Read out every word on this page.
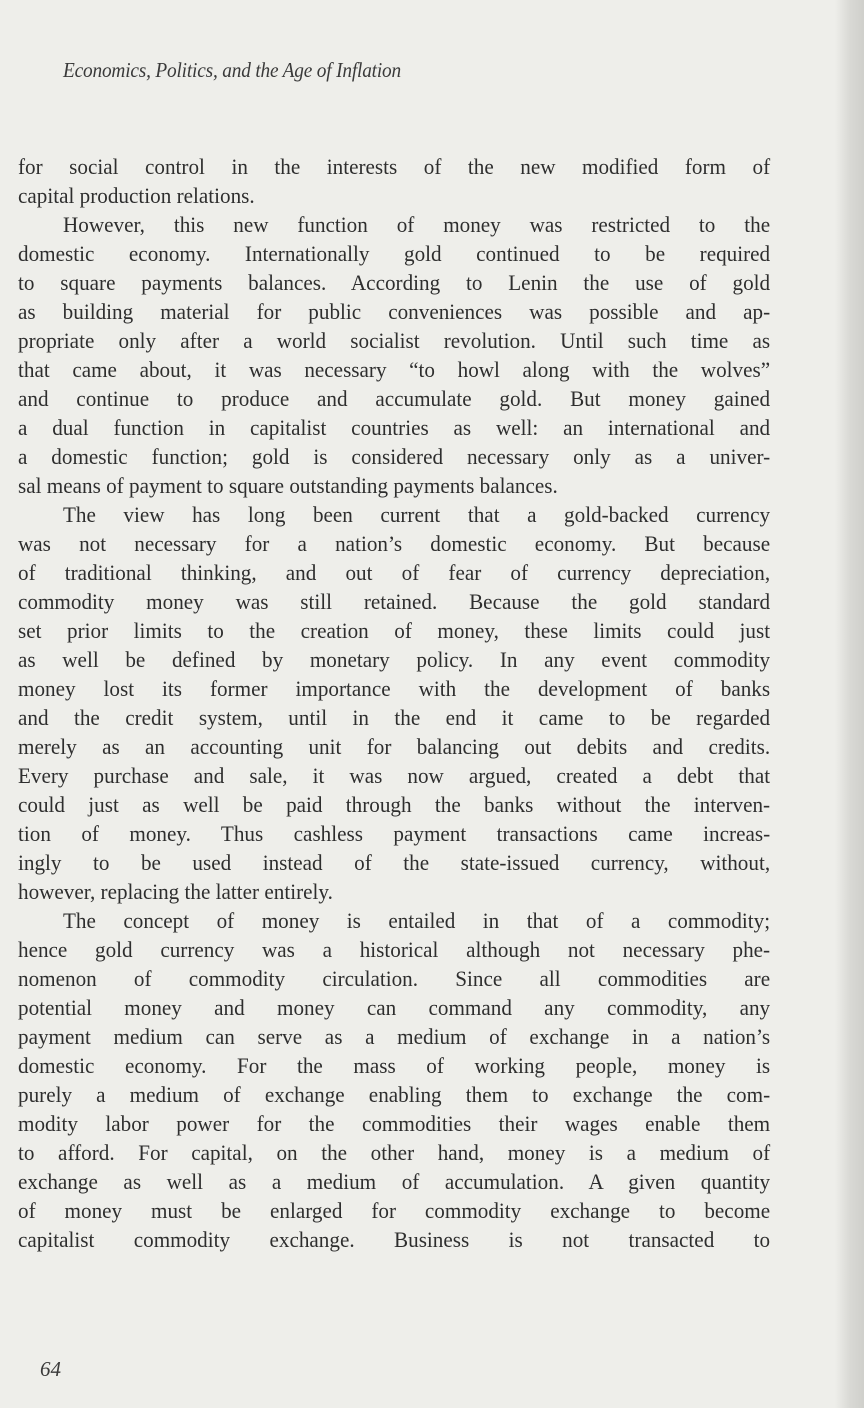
Economics, Politics, and the Age of Inflation
for social control in the interests of the new modified form of
capital production relations.
However, this new function of money was restricted to the
domestic economy. Internationally gold continued to be required
to square payments balances. According to Lenin the use of gold
as building material for public conveniences was possible and ap-
propriate only after a world socialist revolution. Until such time as
that came about, it was necessary “to howl along with the wolves”
and continue to produce and accumulate gold. But money gained
a dual function in capitalist countries as well: an international and
a domestic function; gold is considered necessary only as a univer-
sal means of payment to square outstanding payments balances.
The view has long been current that a gold-backed currency
was not necessary for a nation’s domestic economy. But because
of traditional thinking, and out of fear of currency depreciation,
commodity money was still retained. Because the gold standard
set prior limits to the creation of money, these limits could just
as well be defined by monetary policy. In any event commodity
money lost its former importance with the development of banks
and the credit system, until in the end it came to be regarded
merely as an accounting unit for balancing out debits and credits.
Every purchase and sale, it was now argued, created a debt that
could just as well be paid through the banks without the interven-
tion of money. Thus cashless payment transactions came increas-
ingly to be used instead of the state-issued currency, without,
however, replacing the latter entirely.
The concept of money is entailed in that of a commodity;
hence gold currency was a historical although not necessary phe-
nomenon of commodity circulation. Since all commodities are
potential money and money can command any commodity, any
payment medium can serve as a medium of exchange in a nation’s
domestic economy. For the mass of working people, money is
purely a medium of exchange enabling them to exchange the com-
modity labor power for the commodities their wages enable them
to afford. For capital, on the other hand, money is a medium of
exchange as well as a medium of accumulation. A given quantity
of money must be enlarged for commodity exchange to become
capitalist commodity exchange. Business is not transacted to
64
